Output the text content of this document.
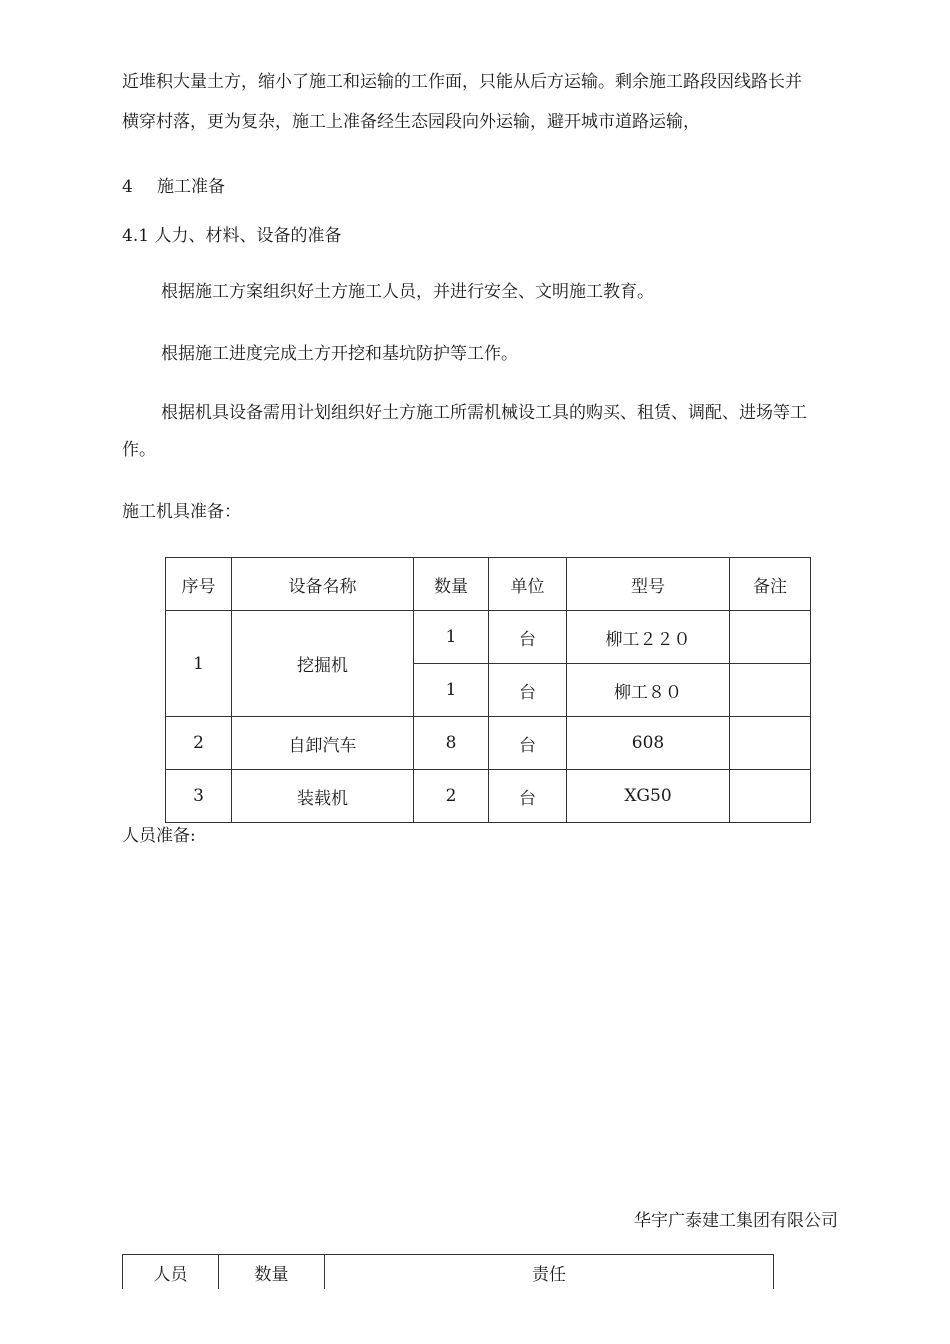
近堆积大量土方，缩小了施工和运输的工作面，只能从后方运输。剩余施工路段因线路长并
横穿村落，更为复杂，施工上准备经生态园段向外运输，避开城市道路运输，
4 施工准备
4.1 人力、材料、设备的准备
根据施工方案组织好土方施工人员，并进行安全、文明施工教育。
根据施工进度完成土方开挖和基坑防护等工作。
根据机具设备需用计划组织好土方施工所需机械设工具的购买、租赁、调配、进场等工
作。
施工机具准备：
序号	设备名称	数量	单位	型号	备注
1	挖掘机	1	台	柳工２２０	
		1	台	柳工８０	
2	自卸汽车	8	台	608	
3	装载机	2	台	XG50	
人员准备:
华宇广泰建工集团有限公司
人员	数量	责任
